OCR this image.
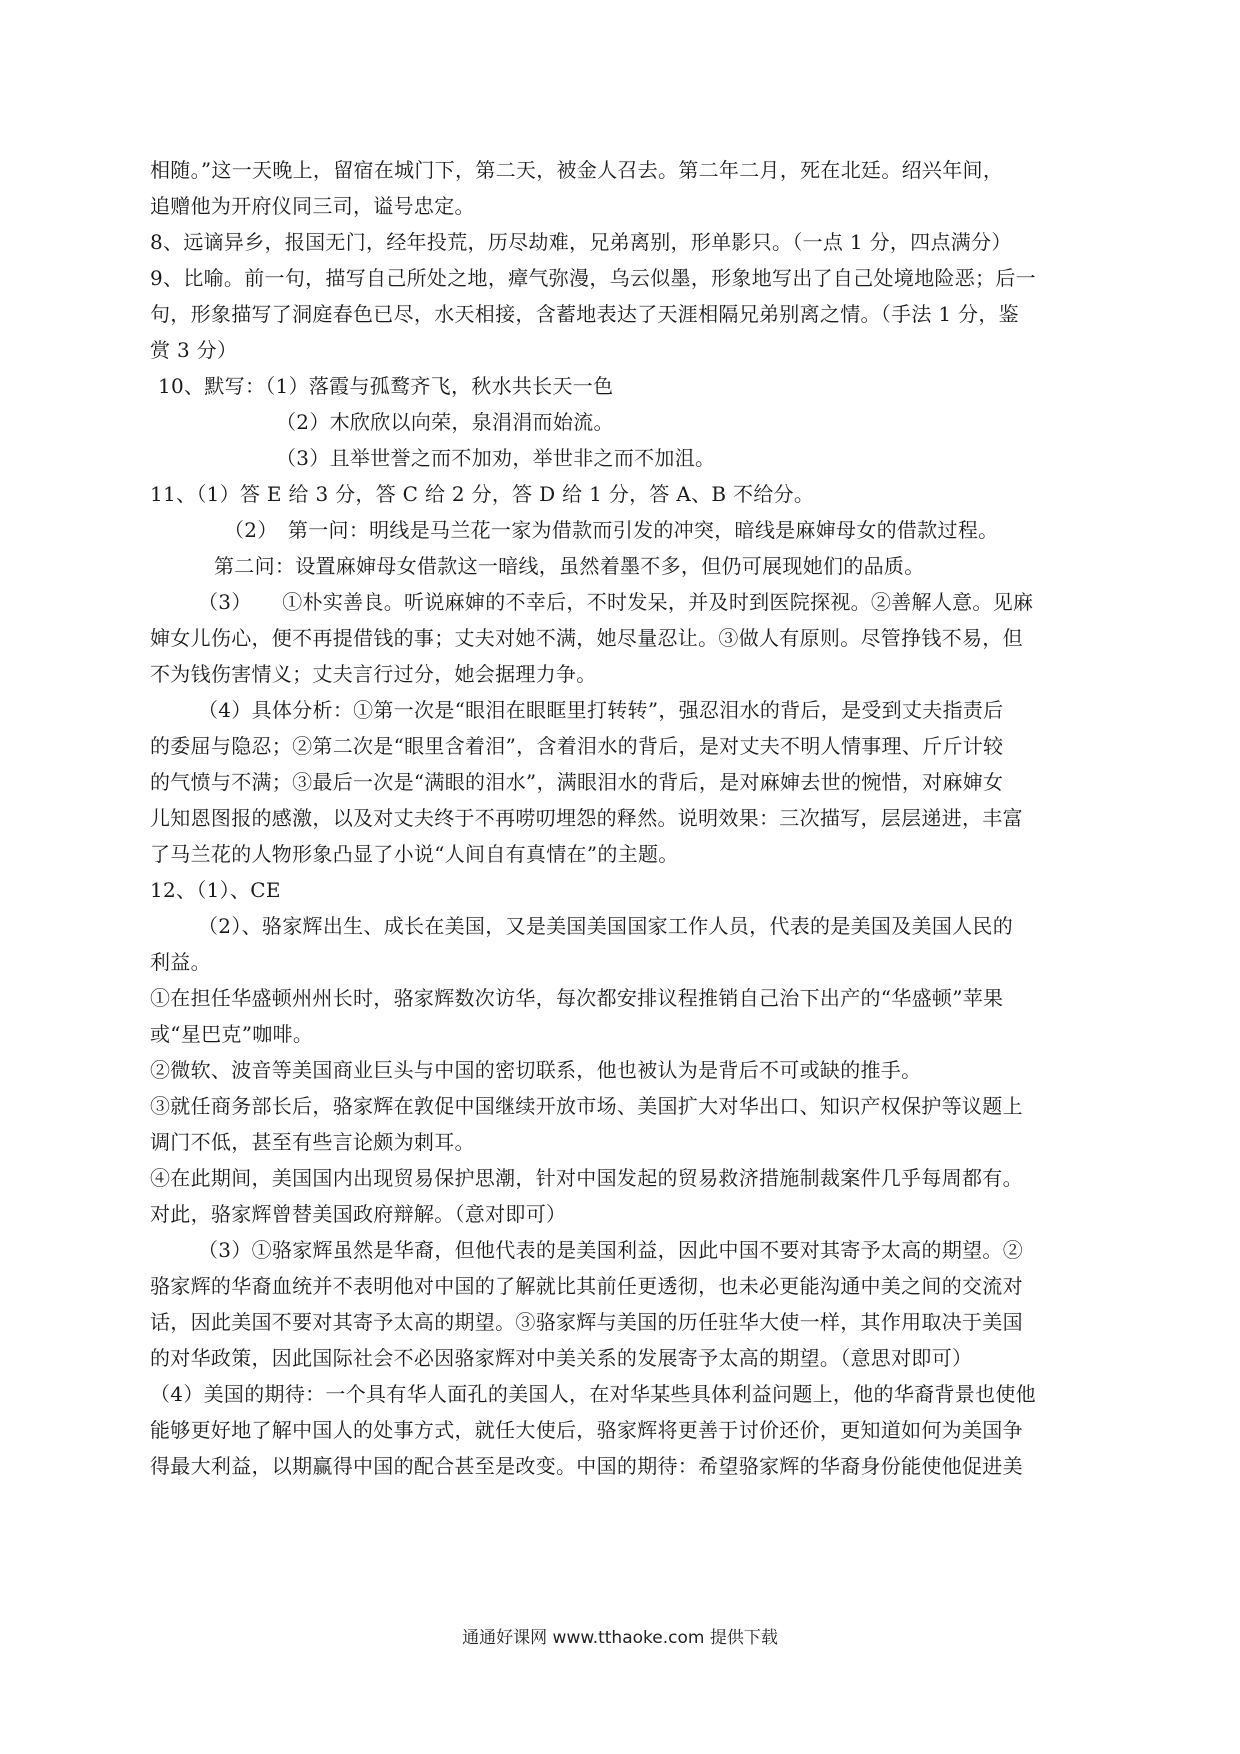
相随。”这一天晚上，留宿在城门下，第二天，被金人召去。第二年二月，死在北廷。绍兴年间，
追赠他为开府仪同三司，谥号忠定。
8、远谪异乡，报国无门，经年投荒，历尽劫难，兄弟离别，形单影只。（一点 1 分，四点满分）
9、比喻。前一句，描写自己所处之地，瘴气弥漫，乌云似墨，形象地写出了自己处境地险恶；后一
句，形象描写了洞庭春色已尽，水天相接，含蓄地表达了天涯相隔兄弟别离之情。（手法 1 分，鉴
赏 3 分）
10、默写：（1）落霞与孤鹜齐飞，秋水共长天一色
（2）木欣欣以向荣，泉涓涓而始流。
（3）且举世誉之而不加劝，举世非之而不加沮。
11、（1）答 E 给 3 分，答 C 给 2 分，答 D 给 1 分，答 A、B 不给分。
（2）　第一问：明线是马兰花一家为借款而引发的冲突，暗线是麻婶母女的借款过程。
第二问：设置麻婶母女借款这一暗线，虽然着墨不多，但仍可展现她们的品质。
（3）　　①朴实善良。听说麻婶的不幸后，不时发呆，并及时到医院探视。②善解人意。见麻
婶女儿伤心，便不再提借钱的事；丈夫对她不满，她尽量忍让。③做人有原则。尽管挣钱不易，但
不为钱伤害情义；丈夫言行过分，她会据理力争。
（4）具体分析：①第一次是“眼泪在眼眶里打转转”，强忍泪水的背后，是受到丈夫指责后
的委屈与隐忍；②第二次是“眼里含着泪”，含着泪水的背后，是对丈夫不明人情事理、斤斤计较
的气愤与不满；③最后一次是“满眼的泪水”，满眼泪水的背后，是对麻婶去世的惋惜，对麻婶女
儿知恩图报的感激，以及对丈夫终于不再唠叨埋怨的释然。说明效果：三次描写，层层递进，丰富
了马兰花的人物形象凸显了小说“人间自有真情在”的主题。
12、（1）、CE
（2）、骆家辉出生、成长在美国，又是美国美国国家工作人员，代表的是美国及美国人民的
利益。
①在担任华盛顿州州长时，骆家辉数次访华，每次都安排议程推销自己治下出产的“华盛顿”苹果
或“星巴克”咖啡。
②微软、波音等美国商业巨头与中国的密切联系，他也被认为是背后不可或缺的推手。
③就任商务部长后，骆家辉在敦促中国继续开放市场、美国扩大对华出口、知识产权保护等议题上
调门不低，甚至有些言论颇为刺耳。
④在此期间，美国国内出现贸易保护思潮，针对中国发起的贸易救济措施制裁案件几乎每周都有。
对此，骆家辉曾替美国政府辩解。（意对即可）
（3）①骆家辉虽然是华裔，但他代表的是美国利益，因此中国不要对其寄予太高的期望。②
骆家辉的华裔血统并不表明他对中国的了解就比其前任更透彻，也未必更能沟通中美之间的交流对
话，因此美国不要对其寄予太高的期望。③骆家辉与美国的历任驻华大使一样，其作用取决于美国
的对华政策，因此国际社会不必因骆家辉对中美关系的发展寄予太高的期望。（意思对即可）
（4）美国的期待：一个具有华人面孔的美国人，在对华某些具体利益问题上，他的华裔背景也使他
能够更好地了解中国人的处事方式，就任大使后，骆家辉将更善于讨价还价，更知道如何为美国争
得最大利益，以期赢得中国的配合甚至是改变。中国的期待：希望骆家辉的华裔身份能使他促进美
通通好课网 www.tthaoke.com 提供下载
